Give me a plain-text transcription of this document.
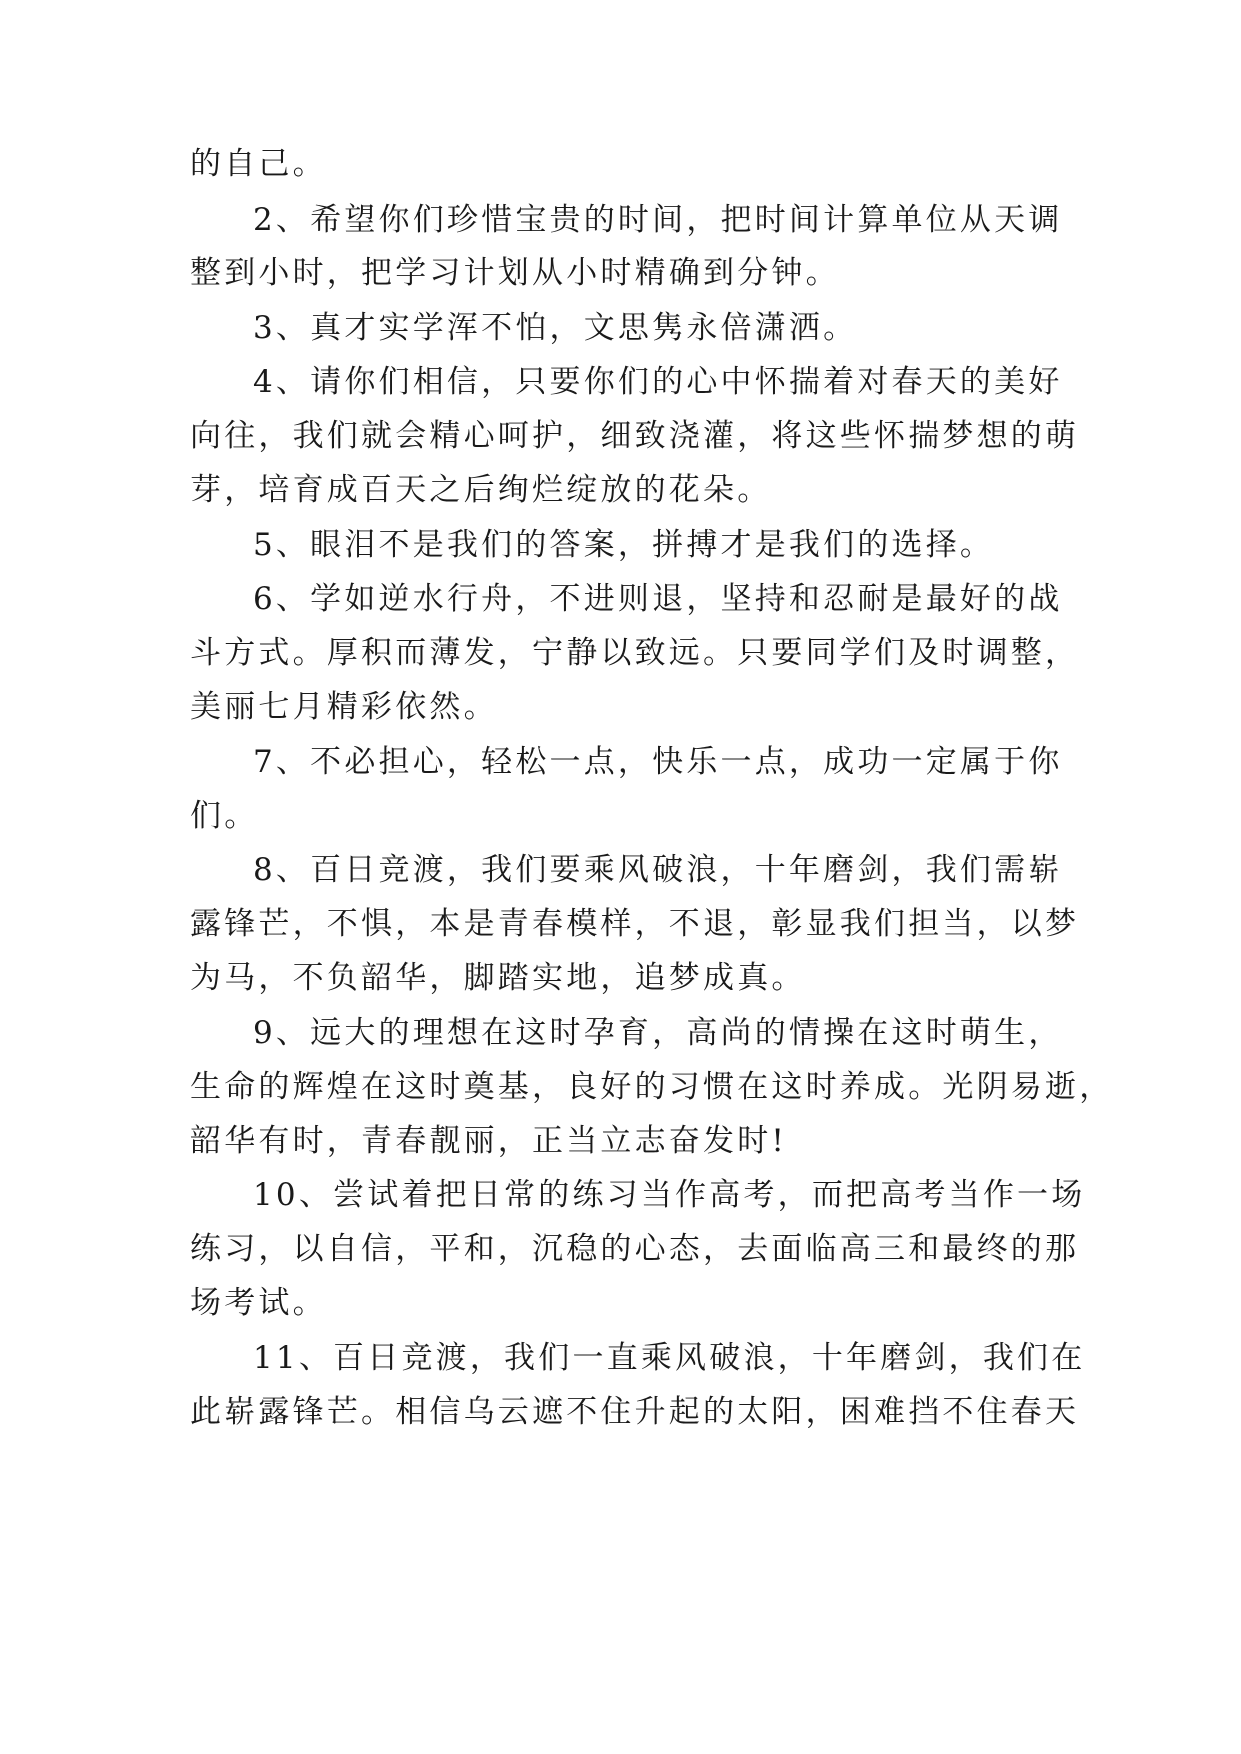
的自己。
2、希望你们珍惜宝贵的时间，把时间计算单位从天调
整到小时，把学习计划从小时精确到分钟。
3、真才实学浑不怕，文思隽永倍潇洒。
4、请你们相信，只要你们的心中怀揣着对春天的美好
向往，我们就会精心呵护，细致浇灌，将这些怀揣梦想的萌
芽，培育成百天之后绚烂绽放的花朵。
5、眼泪不是我们的答案，拼搏才是我们的选择。
6、学如逆水行舟，不进则退，坚持和忍耐是最好的战
斗方式。厚积而薄发，宁静以致远。只要同学们及时调整，
美丽七月精彩依然。
7、不必担心，轻松一点，快乐一点，成功一定属于你
们。
8、百日竞渡，我们要乘风破浪，十年磨剑，我们需崭
露锋芒，不惧，本是青春模样，不退，彰显我们担当，以梦
为马，不负韶华，脚踏实地，追梦成真。
9、远大的理想在这时孕育，高尚的情操在这时萌生，
生命的辉煌在这时奠基，良好的习惯在这时养成。光阴易逝，
韶华有时，青春靓丽，正当立志奋发时!
10、尝试着把日常的练习当作高考，而把高考当作一场
练习，以自信，平和，沉稳的心态，去面临高三和最终的那
场考试。
11、百日竞渡，我们一直乘风破浪，十年磨剑，我们在
此崭露锋芒。相信乌云遮不住升起的太阳，困难挡不住春天
